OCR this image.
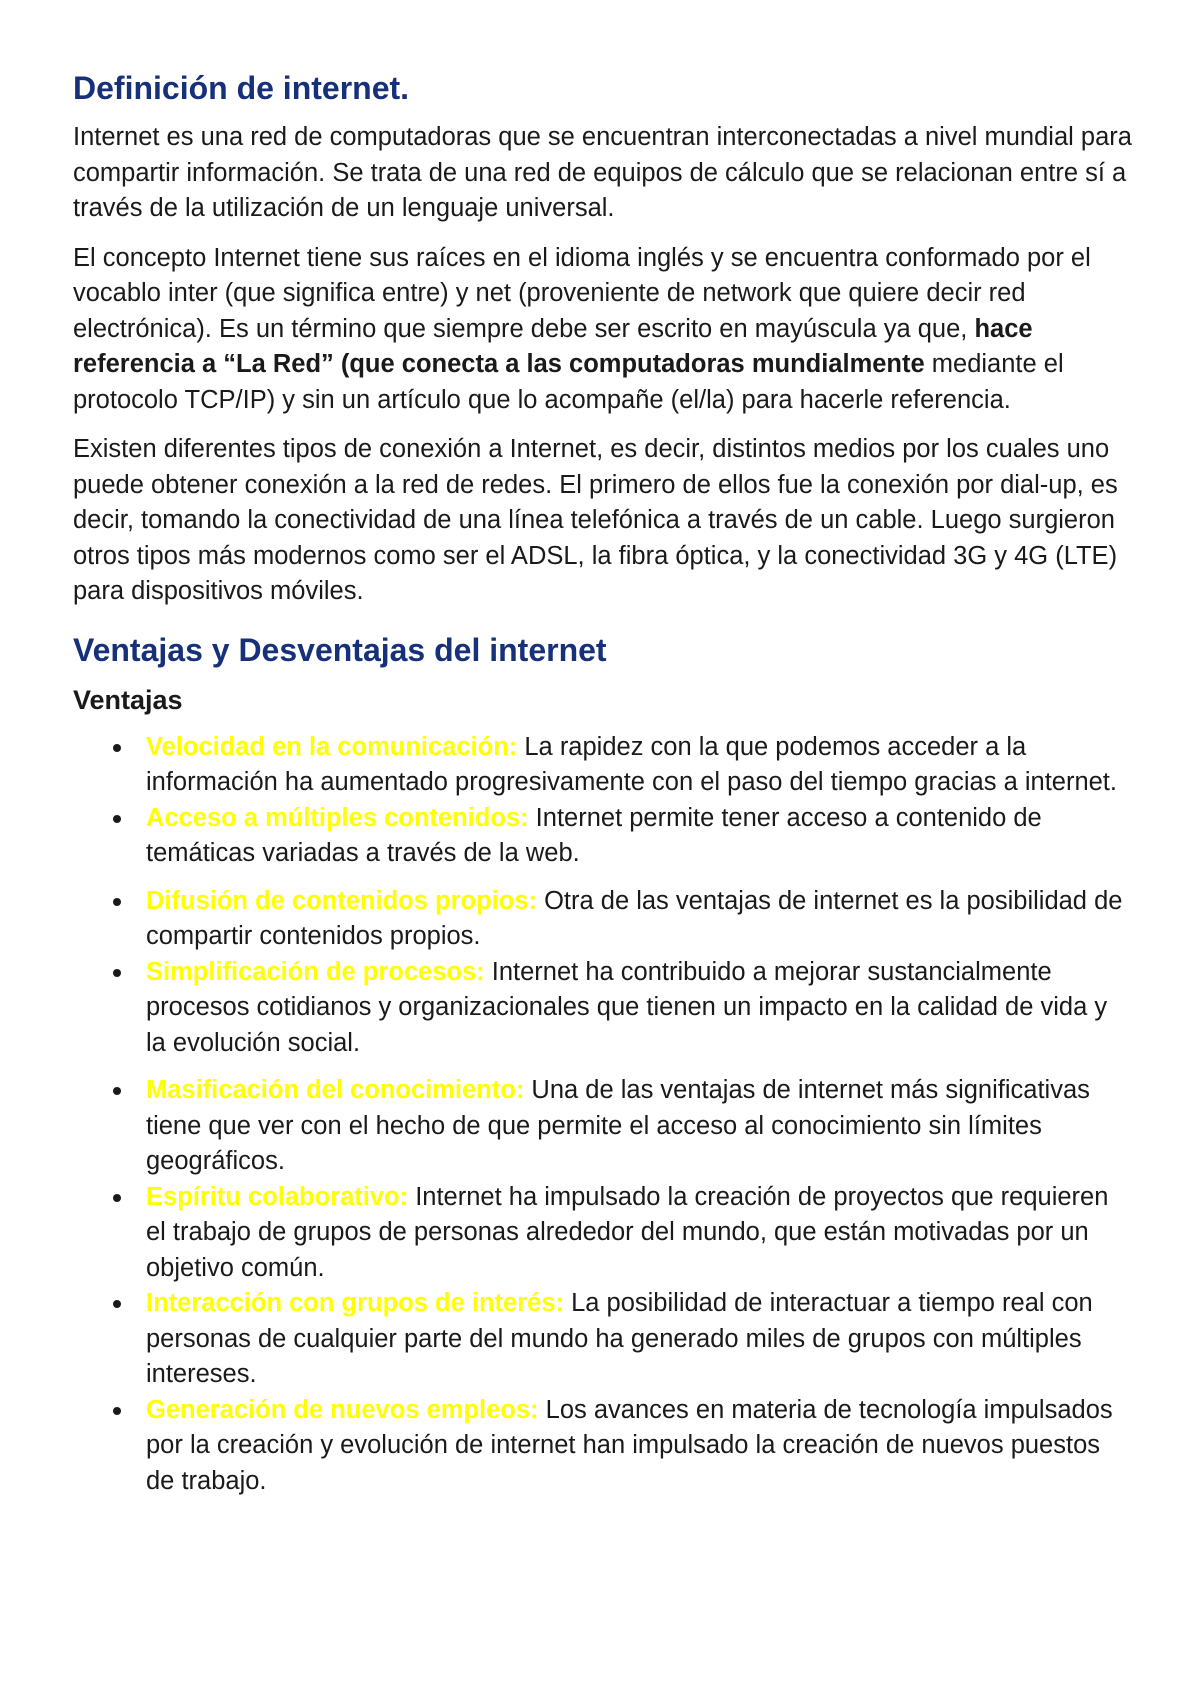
Definición de internet.

Internet es una red de computadoras que se encuentran interconectadas a nivel mundial para compartir información. Se trata de una red de equipos de cálculo que se relacionan entre sí a través de la utilización de un lenguaje universal.

El concepto Internet tiene sus raíces en el idioma inglés y se encuentra conformado por el vocablo inter (que significa entre) y net (proveniente de network que quiere decir red electrónica). Es un término que siempre debe ser escrito en mayúscula ya que, hace referencia a “La Red” (que conecta a las computadoras mundialmente mediante el protocolo TCP/IP) y sin un artículo que lo acompañe (el/la) para hacerle referencia.

Existen diferentes tipos de conexión a Internet, es decir, distintos medios por los cuales uno puede obtener conexión a la red de redes. El primero de ellos fue la conexión por dial-up, es decir, tomando la conectividad de una línea telefónica a través de un cable. Luego surgieron otros tipos más modernos como ser el ADSL, la fibra óptica, y la conectividad 3G y 4G (LTE) para dispositivos móviles.

Ventajas y Desventajas del internet
Ventajas
Velocidad en la comunicación: La rapidez con la que podemos acceder a la información ha aumentado progresivamente con el paso del tiempo gracias a internet.
Acceso a múltiples contenidos: Internet permite tener acceso a contenido de temáticas variadas a través de la web.
Difusión de contenidos propios: Otra de las ventajas de internet es la posibilidad de compartir contenidos propios.
Simplificación de procesos: Internet ha contribuido a mejorar sustancialmente procesos cotidianos y organizacionales que tienen un impacto en la calidad de vida y la evolución social.
Masificación del conocimiento: Una de las ventajas de internet más significativas tiene que ver con el hecho de que permite el acceso al conocimiento sin límites geográficos.
Espíritu colaborativo: Internet ha impulsado la creación de proyectos que requieren el trabajo de grupos de personas alrededor del mundo, que están motivadas por un objetivo común.
Interacción con grupos de interés: La posibilidad de interactuar a tiempo real con personas de cualquier parte del mundo ha generado miles de grupos con múltiples intereses.
Generación de nuevos empleos: Los avances en materia de tecnología impulsados por la creación y evolución de internet han impulsado la creación de nuevos puestos de trabajo.
